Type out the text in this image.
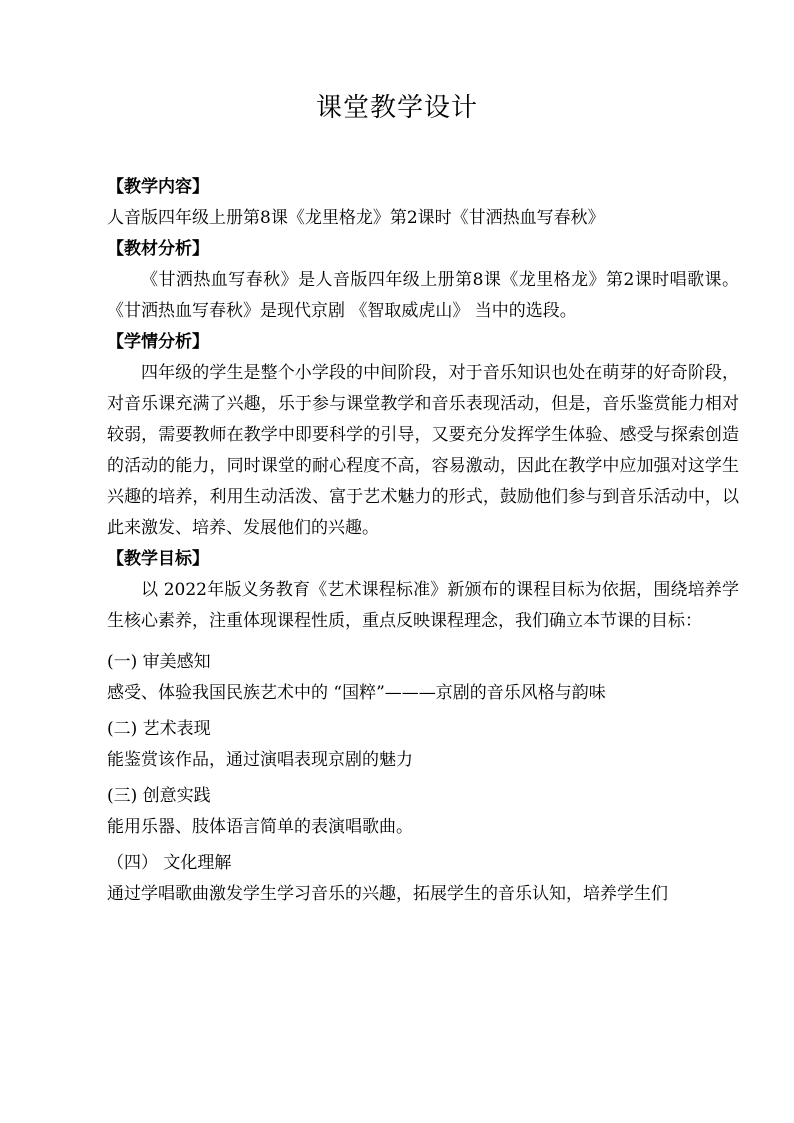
课堂教学设计

【教学内容】

人音版四年级上册第8课《龙里格龙》第2课时《甘洒热血写春秋》

【教材分析】

《甘洒热血写春秋》是人音版四年级上册第8课《龙里格龙》第2课时唱歌课。《甘洒热血写春秋》是现代京剧 《智取威虎山》 当中的选段。

【学情分析】

四年级的学生是整个小学段的中间阶段，对于音乐知识也处在萌芽的好奇阶段，对音乐课充满了兴趣，乐于参与课堂教学和音乐表现活动，但是，音乐鉴赏能力相对较弱，需要教师在教学中即要科学的引导，又要充分发挥学生体验、感受与探索创造的活动的能力，同时课堂的耐心程度不高，容易激动，因此在教学中应加强对这学生兴趣的培养，利用生动活泼、富于艺术魅力的形式，鼓励他们参与到音乐活动中，以此来激发、培养、发展他们的兴趣。

【教学目标】

以 2022年版义务教育《艺术课程标准》新颁布的课程目标为依据，围绕培养学生核心素养，注重体现课程性质，重点反映课程理念，我们确立本节课的目标：

(一) 审美感知

感受、体验我国民族艺术中的 “国粹”———京剧的音乐风格与韵味

(二) 艺术表现

能鉴赏该作品，通过演唱表现京剧的魅力

(三) 创意实践

能用乐器、肢体语言简单的表演唱歌曲。

（四） 文化理解

通过学唱歌曲激发学生学习音乐的兴趣，拓展学生的音乐认知，培养学生们
